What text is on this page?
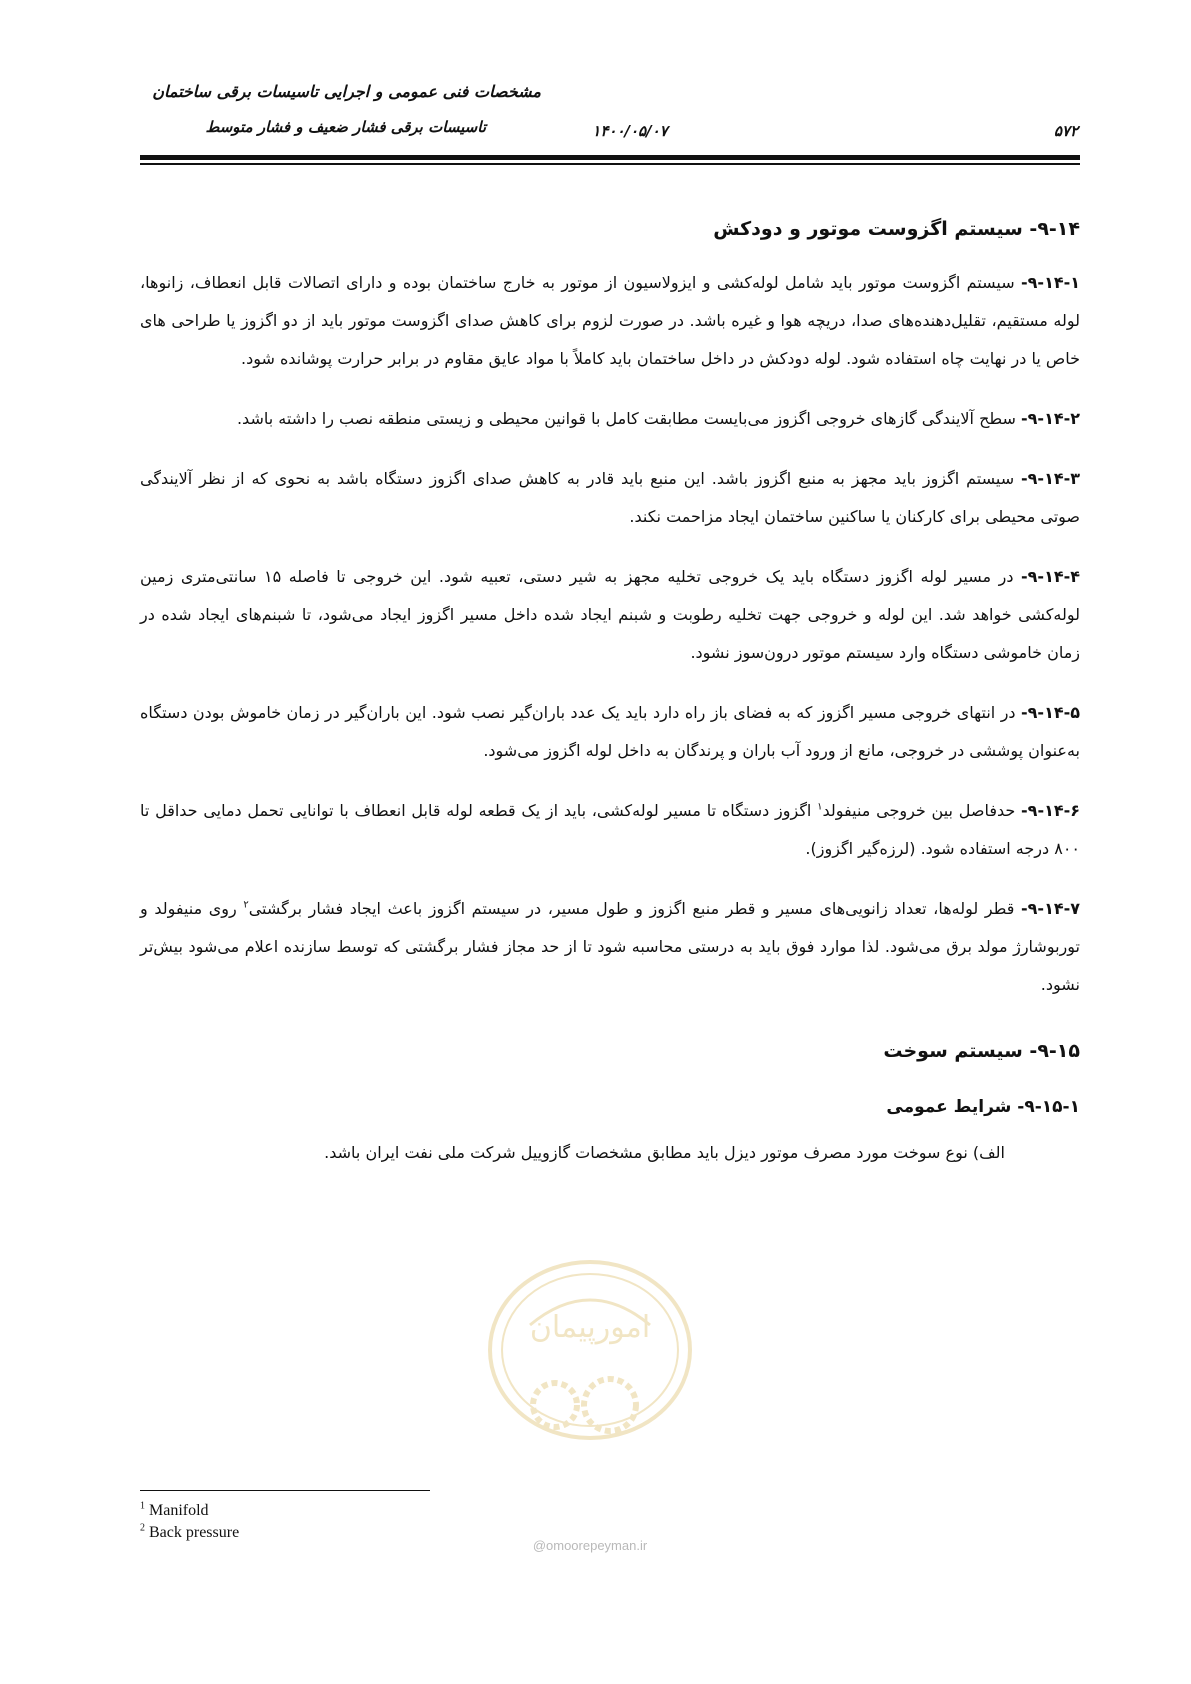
مشخصات فنی عمومی و اجرایی تاسیسات برقی ساختمان
تاسیسات برقی فشار ضعیف و فشار متوسط	۱۴۰۰/۰۵/۰۷	۵۷۲
۹-۱۴- سیستم اگزوست موتور و دودکش

۹-۱۴-۱- سیستم اگزوست موتور باید شامل لوله‌کشی و ایزولاسیون از موتور به خارج ساختمان بوده و دارای اتصالات قابل انعطاف، زانوها، لوله مستقیم، تقلیل‌دهنده‌های صدا، دریچه هوا و غیره باشد. در صورت لزوم برای کاهش صدای اگزوست موتور باید از دو اگزوز یا طراحی های خاص یا در نهایت چاه استفاده شود. لوله دودکش در داخل ساختمان باید کاملاً با مواد عایق مقاوم در برابر حرارت پوشانده شود.

۹-۱۴-۲- سطح آلایندگی گازهای خروجی اگزوز می‌بایست مطابقت کامل با قوانین محیطی و زیستی منطقه نصب را داشته باشد.

۹-۱۴-۳- سیستم اگزوز باید مجهز به منبع اگزوز باشد. این منبع باید قادر به کاهش صدای اگزوز دستگاه باشد به نحوی که از نظر آلایندگی صوتی محیطی برای کارکنان یا ساکنین ساختمان ایجاد مزاحمت نکند.

۹-۱۴-۴- در مسیر لوله اگزوز دستگاه باید یک خروجی تخلیه مجهز به شیر دستی، تعبیه شود. این خروجی تا فاصله ۱۵ سانتی‌متری زمین لوله‌کشی خواهد شد. این لوله و خروجی جهت تخلیه رطوبت و شبنم ایجاد شده داخل مسیر اگزوز ایجاد می‌شود، تا شبنم‌های ایجاد شده در زمان خاموشی دستگاه وارد سیستم موتور درون‌سوز نشود.

۹-۱۴-۵- در انتهای خروجی مسیر اگزوز که به فضای باز راه دارد باید یک عدد باران‌گیر نصب شود. این باران‌گیر در زمان خاموش بودن دستگاه به‌عنوان پوششی در خروجی، مانع از ورود آب باران و پرندگان به داخل لوله اگزوز می‌شود.

۹-۱۴-۶- حدفاصل بین خروجی منیفولد$^۱$ اگزوز دستگاه تا مسیر لوله‌کشی، باید از یک قطعه لوله قابل انعطاف با توانایی تحمل دمایی حداقل تا ۸۰۰ درجه استفاده شود. (لرزه‌گیر اگزوز).

۹-۱۴-۷- قطر لوله‌ها، تعداد زانویی‌های مسیر و قطر منبع اگزوز و طول مسیر، در سیستم اگزوز باعث ایجاد فشار برگشتی$^۲$ روی منیفولد و توربوشارژ مولد برق می‌شود. لذا موارد فوق باید به درستی محاسبه شود تا از حد مجاز فشار برگشتی که توسط سازنده اعلام می‌شود بیش‌تر نشود.

۹-۱۵- سیستم سوخت
۹-۱۵-۱- شرایط عمومی

الف) نوع سوخت مورد مصرف موتور دیزل باید مطابق مشخصات گازوییل شرکت ملی نفت ایران باشد.

امورپیمان
@omoorepeyman.ir
$^1$ Manifold
$^2$ Back pressure
